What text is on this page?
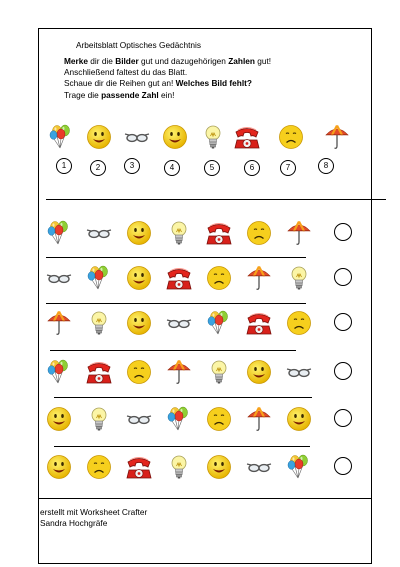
Arbeitsblatt Optisches Gedächtnis
Merke dir die Bilder gut und dazugehörigen Zahlen gut!
Anschließend faltest du das Blatt.
Schaue dir die Reihen gut an! Welches Bild fehlt?
Trage die passende Zahl ein!
1	2	3	4	5	6	7	8
erstellt mit Worksheet Crafter
Sandra Hochgräfe
